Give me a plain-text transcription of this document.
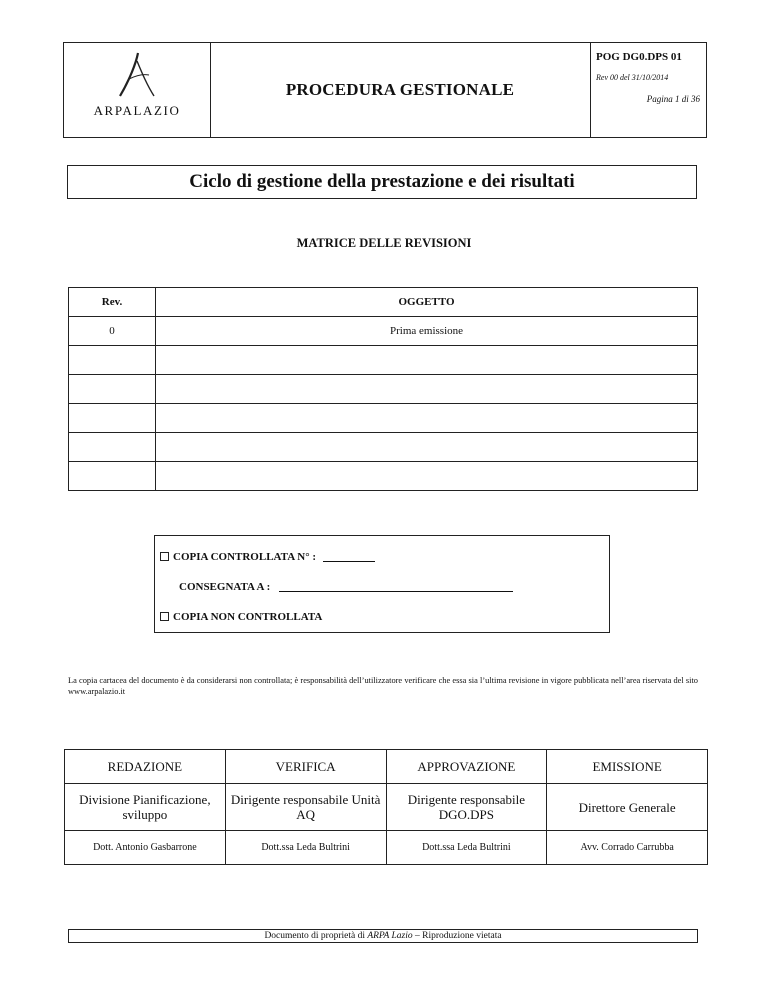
ARPALAZIO
PROCEDURA GESTIONALE
POG DG0.DPS 01
Rev 00 del 31/10/2014
Pagina 1 di 36
Ciclo di gestione della prestazione e dei risultati
MATRICE DELLE REVISIONI
Rev.	OGGETTO
0	Prima emissione

COPIA CONTROLLATA N° :
CONSEGNATA A :
COPIA NON CONTROLLATA
La copia cartacea del documento è da considerarsi non controllata; è responsabilità dell’utilizzatore verificare che essa sia l’ultima revisione in vigore pubblicata nell’area riservata del sito www.arpalazio.it
REDAZIONE	VERIFICA	APPROVAZIONE	EMISSIONE
Divisione Pianificazione, sviluppo	Dirigente responsabile Unità AQ	Dirigente responsabile DGO.DPS	Direttore Generale
Dott. Antonio Gasbarrone	Dott.ssa Leda Bultrini	Dott.ssa Leda Bultrini	Avv. Corrado Carrubba
Documento di proprietà di ARPA Lazio – Riproduzione vietata
